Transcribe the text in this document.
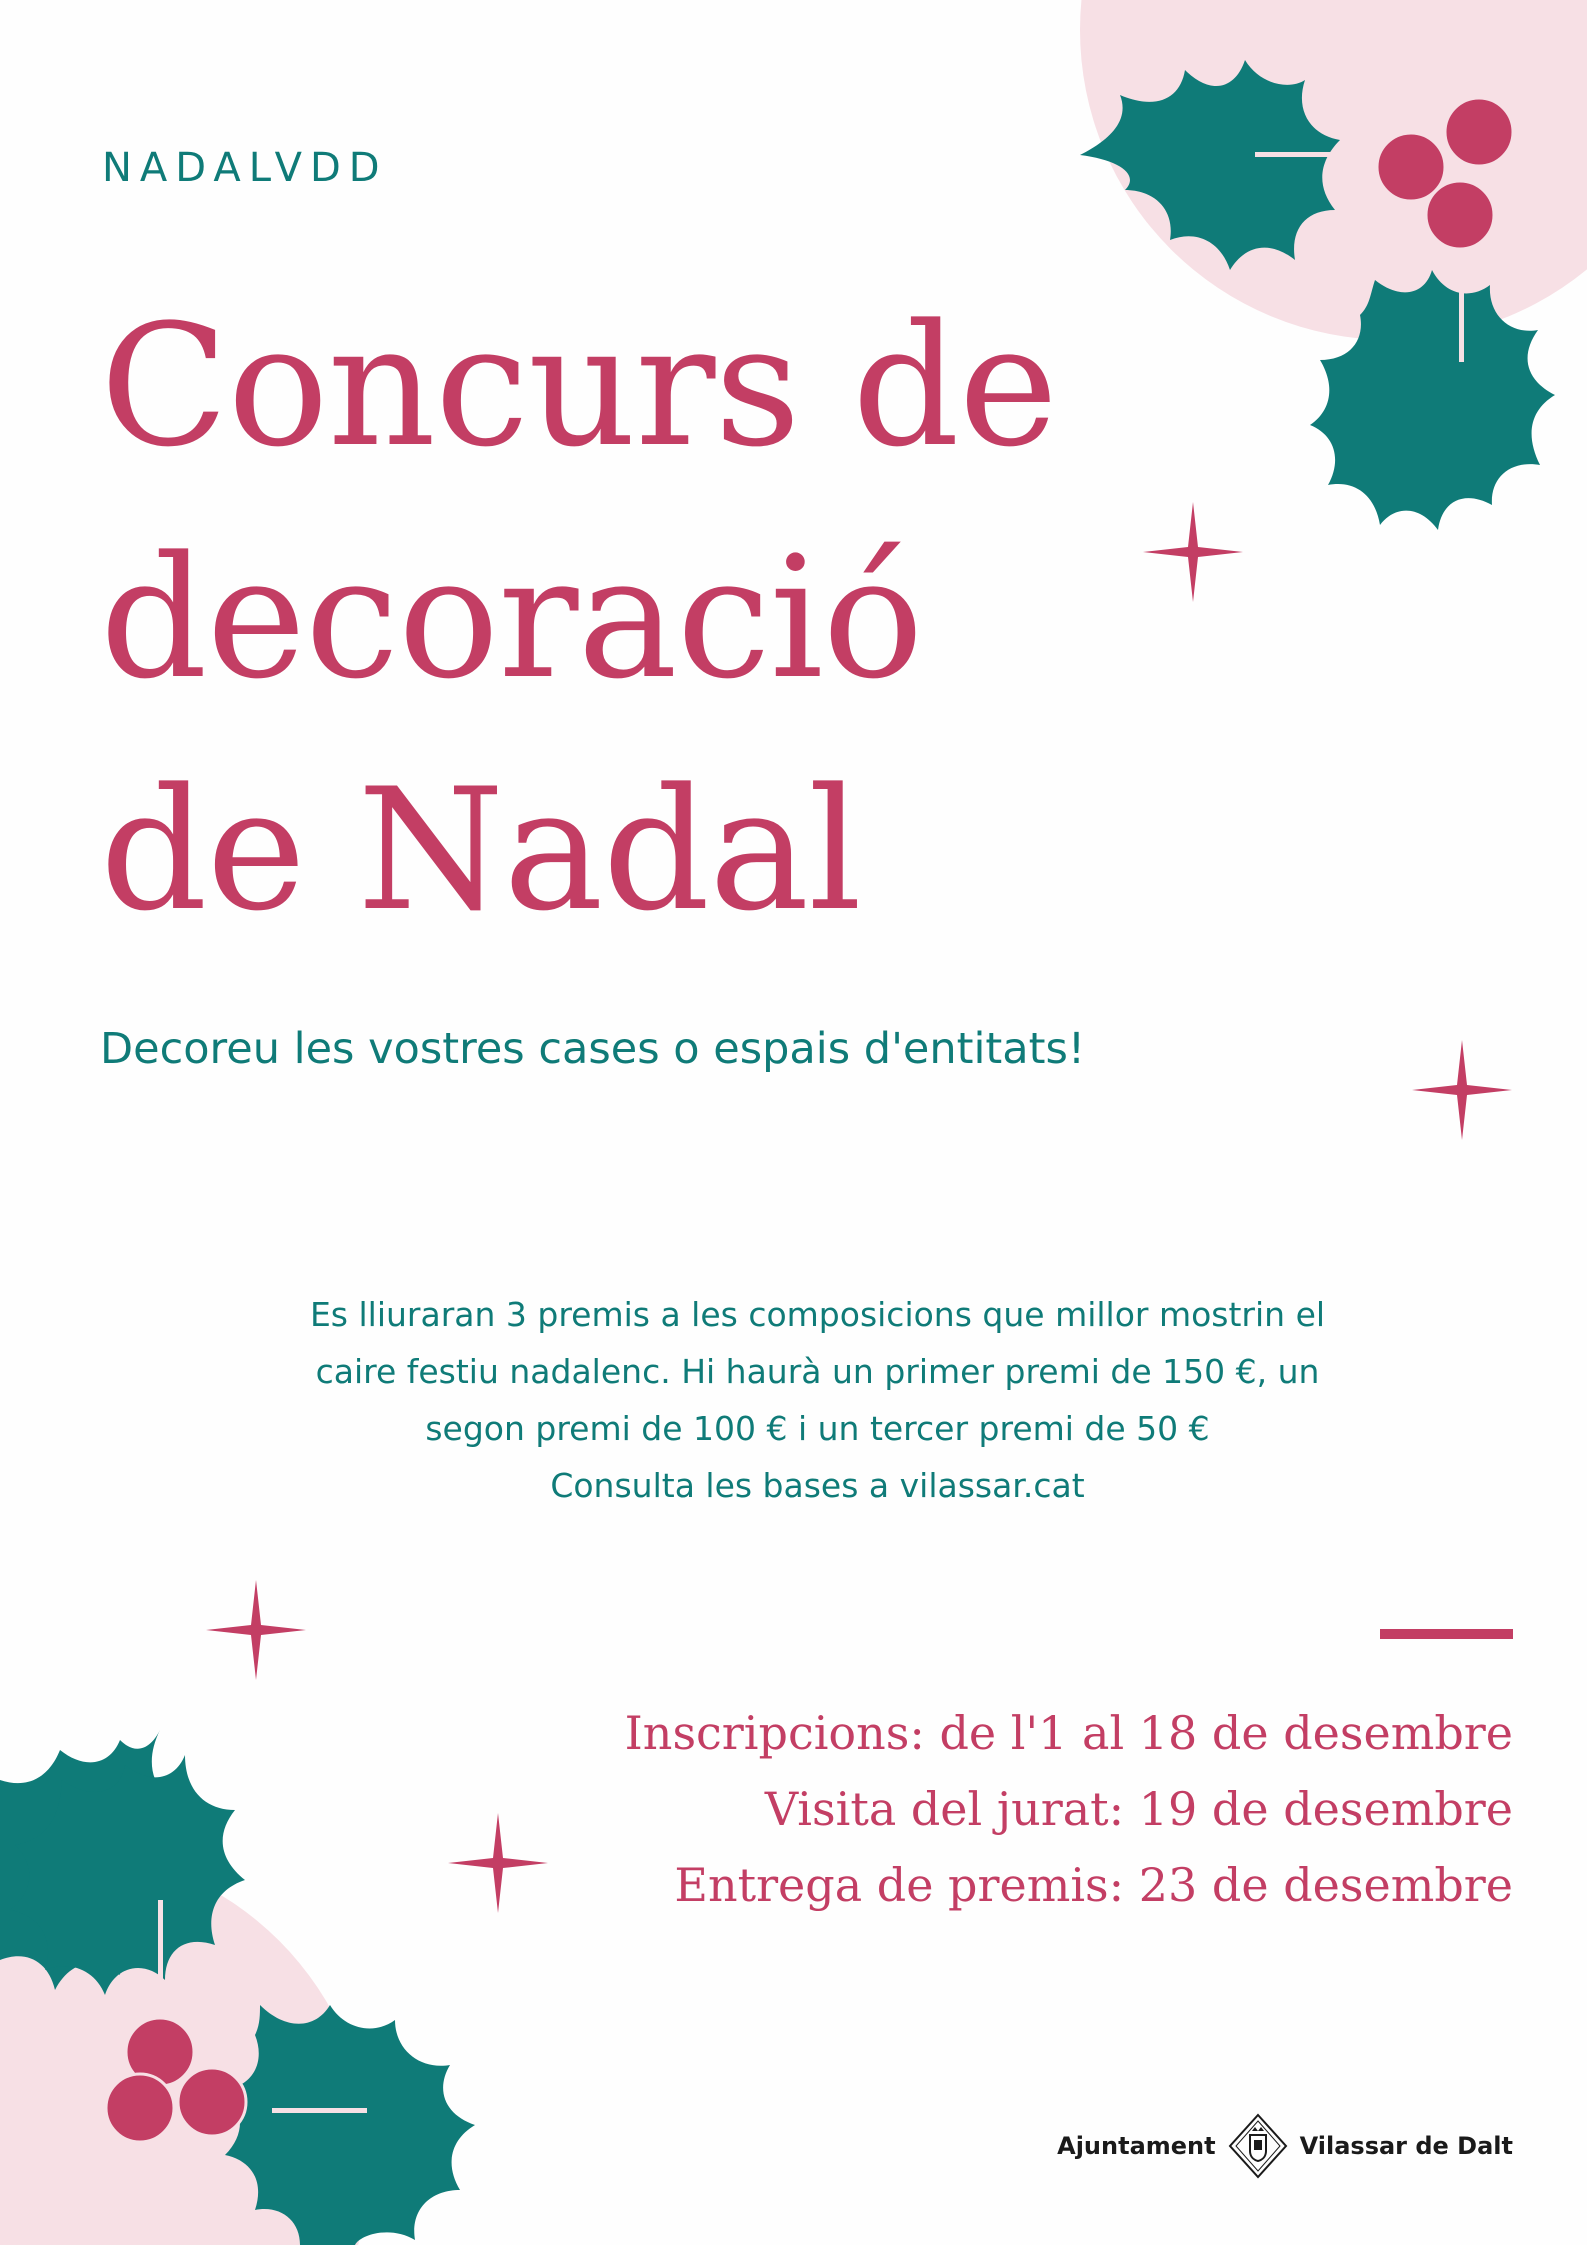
NADALVDD
Concurs de
decoració
de Nadal
Decoreu les vostres cases o espais d'entitats!
Es lliuraran 3 premis a les composicions que millor mostrin el
caire festiu nadalenc. Hi haurà un primer premi de 150 €, un
segon premi de 100 € i un tercer premi de 50 €
Consulta les bases a vilassar.cat
Inscripcions: de l'1 al 18 de desembre
Visita del jurat: 19 de desembre
Entrega de premis: 23 de desembre
Ajuntament	Vilassar de Dalt
